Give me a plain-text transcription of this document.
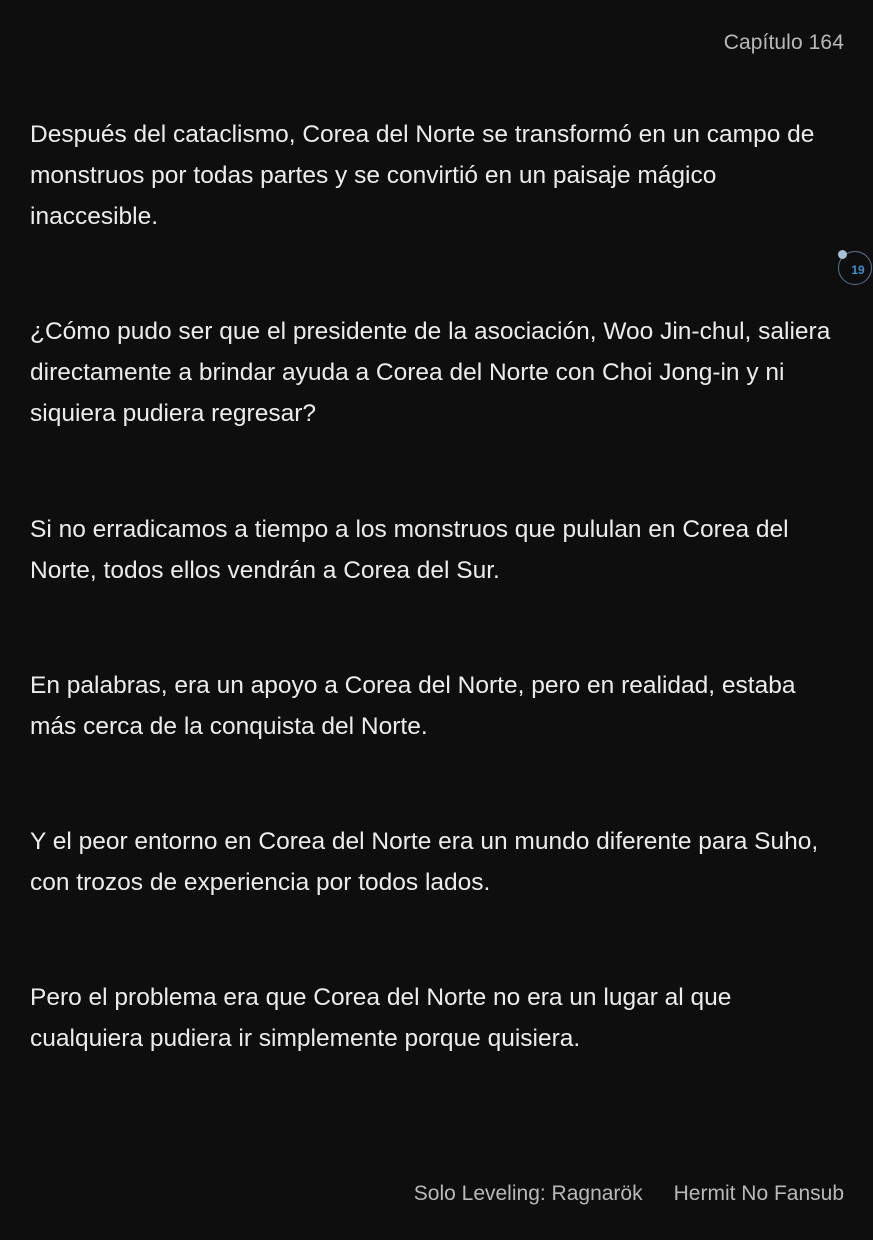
Capítulo 164

Después del cataclismo, Corea del Norte se transformó en un campo de monstruos por todas partes y se convirtió en un paisaje mágico inaccesible.

¿Cómo pudo ser que el presidente de la asociación, Woo Jin-chul, saliera directamente a brindar ayuda a Corea del Norte con Choi Jong-in y ni siquiera pudiera regresar?

Si no erradicamos a tiempo a los monstruos que pululan en Corea del Norte, todos ellos vendrán a Corea del Sur.

En palabras, era un apoyo a Corea del Norte, pero en realidad, estaba más cerca de la conquista del Norte.

Y el peor entorno en Corea del Norte era un mundo diferente para Suho, con trozos de experiencia por todos lados.

Pero el problema era que Corea del Norte no era un lugar al que cualquiera pudiera ir simplemente porque quisiera.

19
Solo Leveling: Ragnarök Hermit No Fansub
